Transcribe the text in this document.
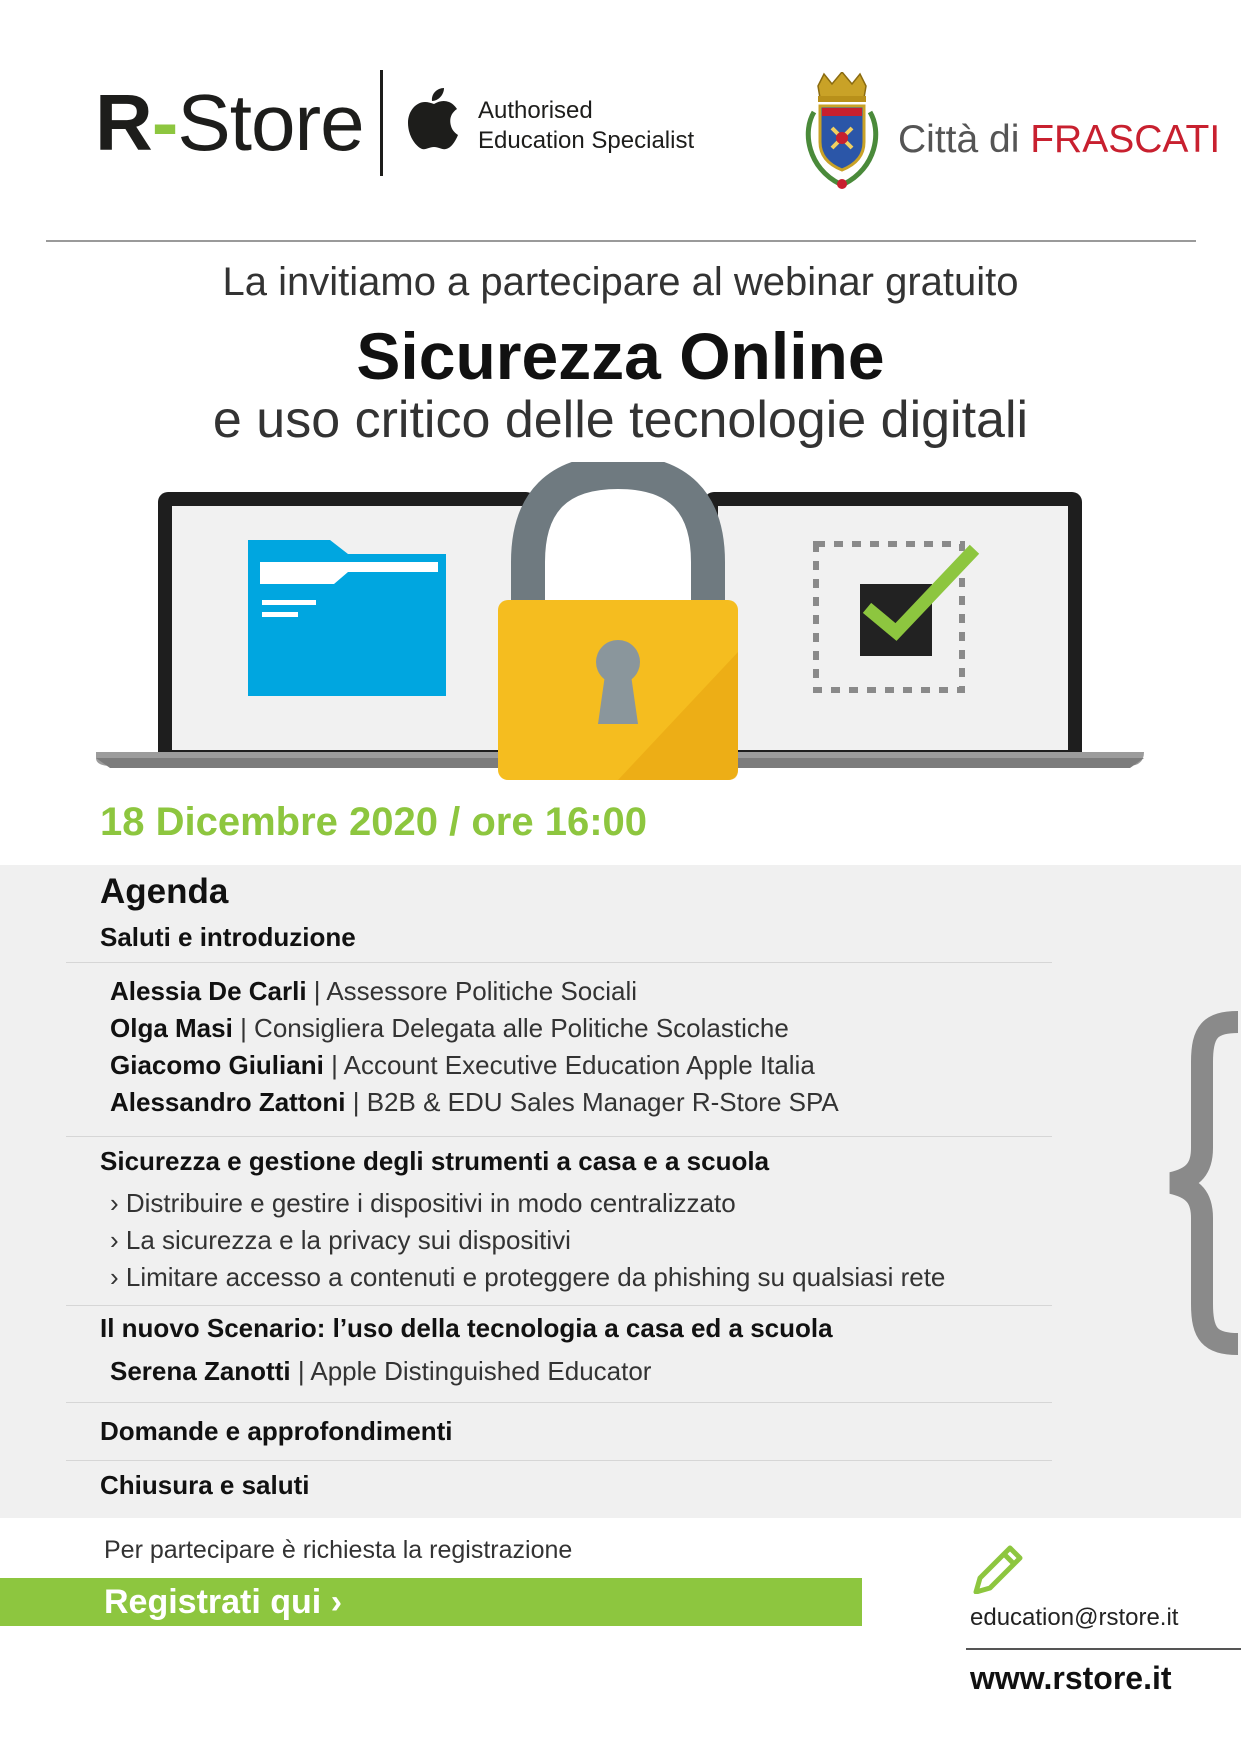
R-Store	Authorised
Education Specialist	Città di FRASCATI
La invitiamo a partecipare al webinar gratuito
Sicurezza Online
e uso critico delle tecnologie digitali
18 Dicembre 2020 / ore 16:00
Agenda
Saluti e introduzione
Alessia De Carli | Assessore Politiche Sociali
Olga Masi | Consigliera Delegata alle Politiche Scolastiche
Giacomo Giuliani | Account Executive Education Apple Italia
Alessandro Zattoni | B2B & EDU Sales Manager R-Store SPA
Sicurezza e gestione degli strumenti a casa e a scuola
› Distribuire e gestire i dispositivi in modo centralizzato
› La sicurezza e la privacy sui dispositivi
› Limitare accesso a contenuti e proteggere da phishing su qualsiasi rete
Il nuovo Scenario: l’uso della tecnologia a casa ed a scuola
Serena Zanotti | Apple Distinguished Educator
Domande e approfondimenti
Chiusura e saluti
Per partecipare è richiesta la registrazione
Registrati qui ›	education@rstore.it
www.rstore.it
